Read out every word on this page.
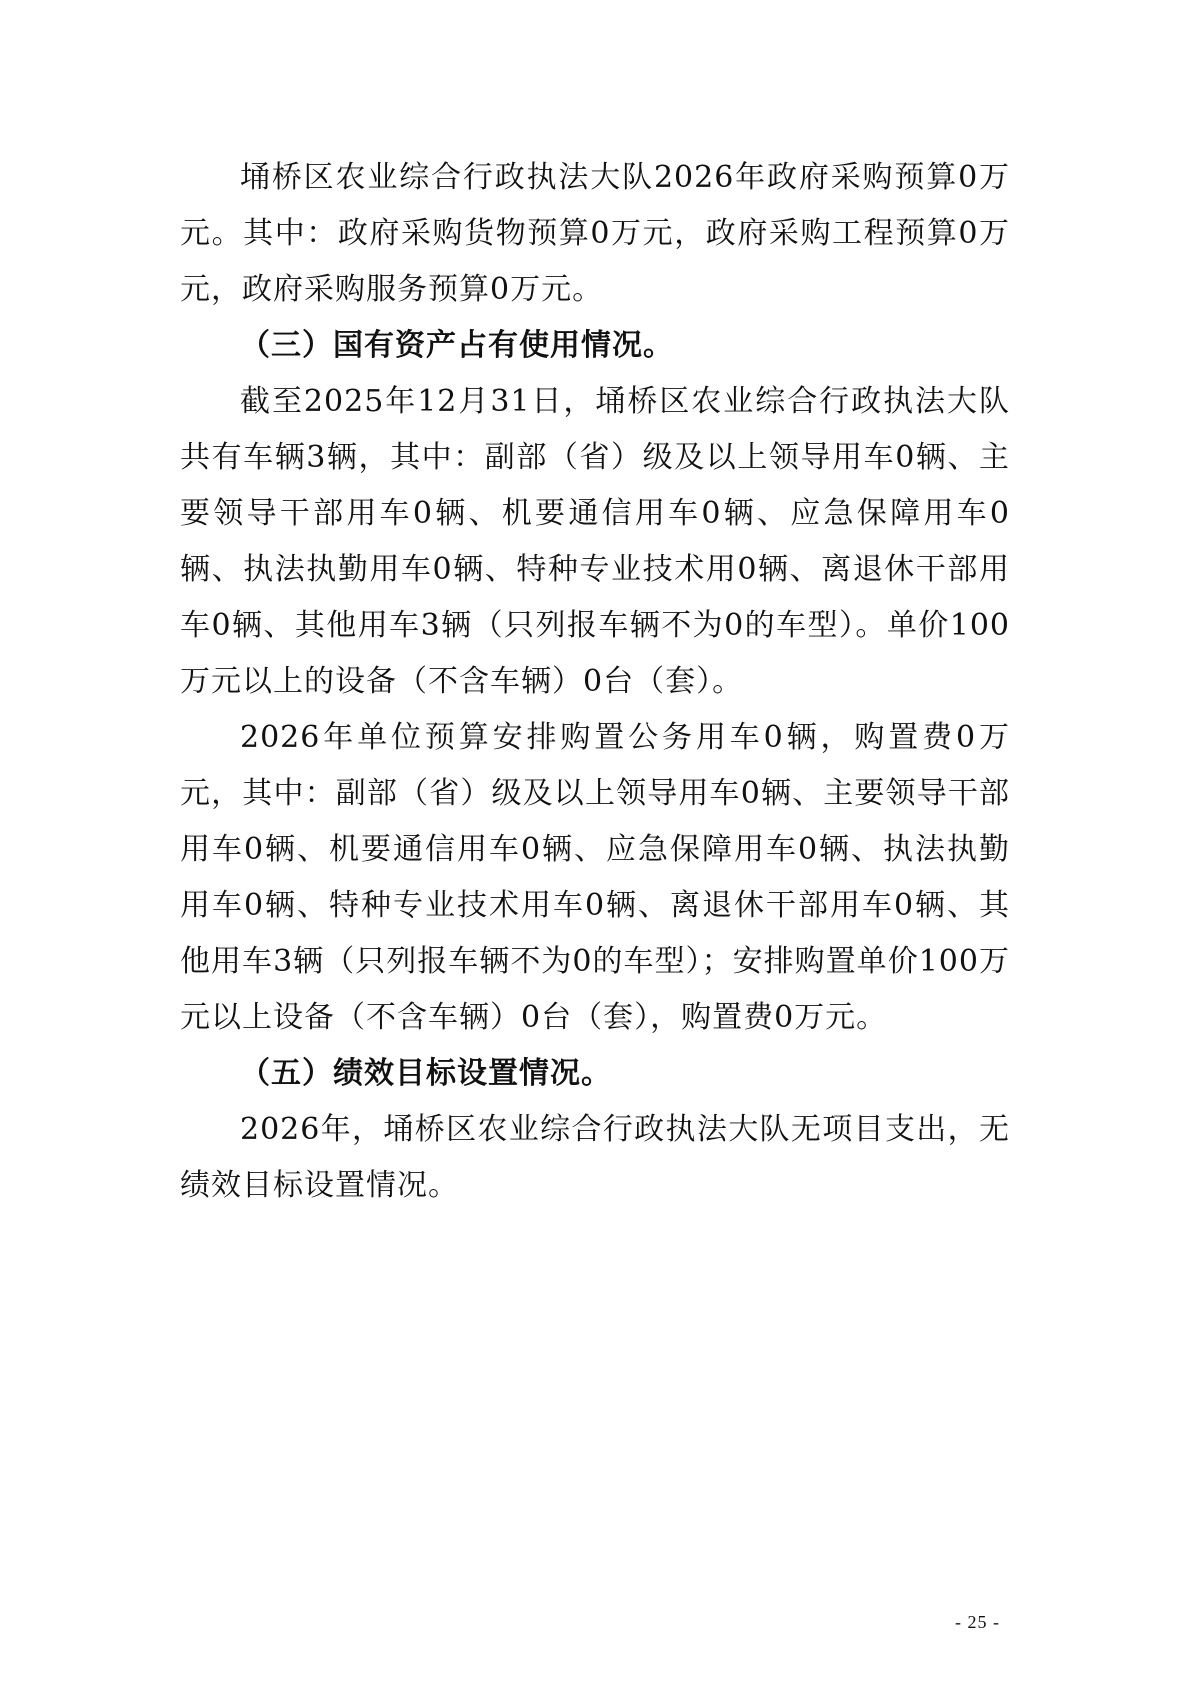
埇桥区农业综合行政执法大队2026年政府采购预算0万元。其中：政府采购货物预算0万元，政府采购工程预算0万元，政府采购服务预算0万元。

（三）国有资产占有使用情况。

截至2025年12月31日，埇桥区农业综合行政执法大队共有车辆3辆，其中：副部（省）级及以上领导用车0辆、主要领导干部用车0辆、机要通信用车0辆、应急保障用车0辆、执法执勤用车0辆、特种专业技术用0辆、离退休干部用车0辆、其他用车3辆（只列报车辆不为0的车型）。单价100万元以上的设备（不含车辆）0台（套）。

2026年单位预算安排购置公务用车0辆，购置费0万元，其中：副部（省）级及以上领导用车0辆、主要领导干部用车0辆、机要通信用车0辆、应急保障用车0辆、执法执勤用车0辆、特种专业技术用车0辆、离退休干部用车0辆、其他用车3辆（只列报车辆不为0的车型）；安排购置单价100万元以上设备（不含车辆）0台（套），购置费0万元。

（五）绩效目标设置情况。

2026年，埇桥区农业综合行政执法大队无项目支出，无绩效目标设置情况。

- 25 -
